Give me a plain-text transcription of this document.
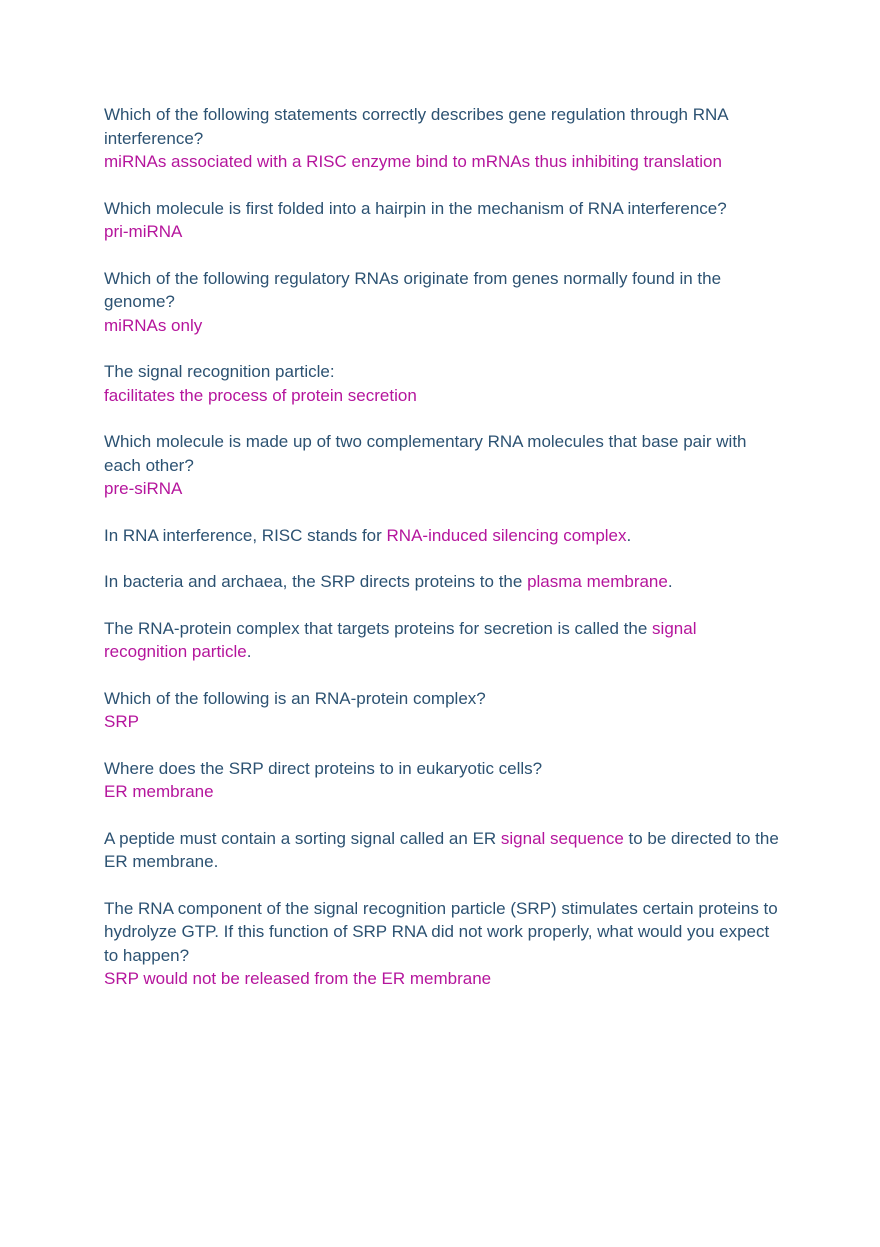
Which of the following statements correctly describes gene regulation through RNA interference?

miRNAs associated with a RISC enzyme bind to mRNAs thus inhibiting translation

Which molecule is first folded into a hairpin in the mechanism of RNA interference?

pri-miRNA

Which of the following regulatory RNAs originate from genes normally found in the genome?

miRNAs only

The signal recognition particle:

facilitates the process of protein secretion

Which molecule is made up of two complementary RNA molecules that base pair with each other?

pre-siRNA

In RNA interference, RISC stands for RNA-induced silencing complex.

In bacteria and archaea, the SRP directs proteins to the plasma membrane.

The RNA-protein complex that targets proteins for secretion is called the signal recognition particle.

Which of the following is an RNA-protein complex?

SRP

Where does the SRP direct proteins to in eukaryotic cells?

ER membrane

A peptide must contain a sorting signal called an ER signal sequence to be directed to the ER membrane.

The RNA component of the signal recognition particle (SRP) stimulates certain proteins to hydrolyze GTP. If this function of SRP RNA did not work properly, what would you expect to happen?

SRP would not be released from the ER membrane
